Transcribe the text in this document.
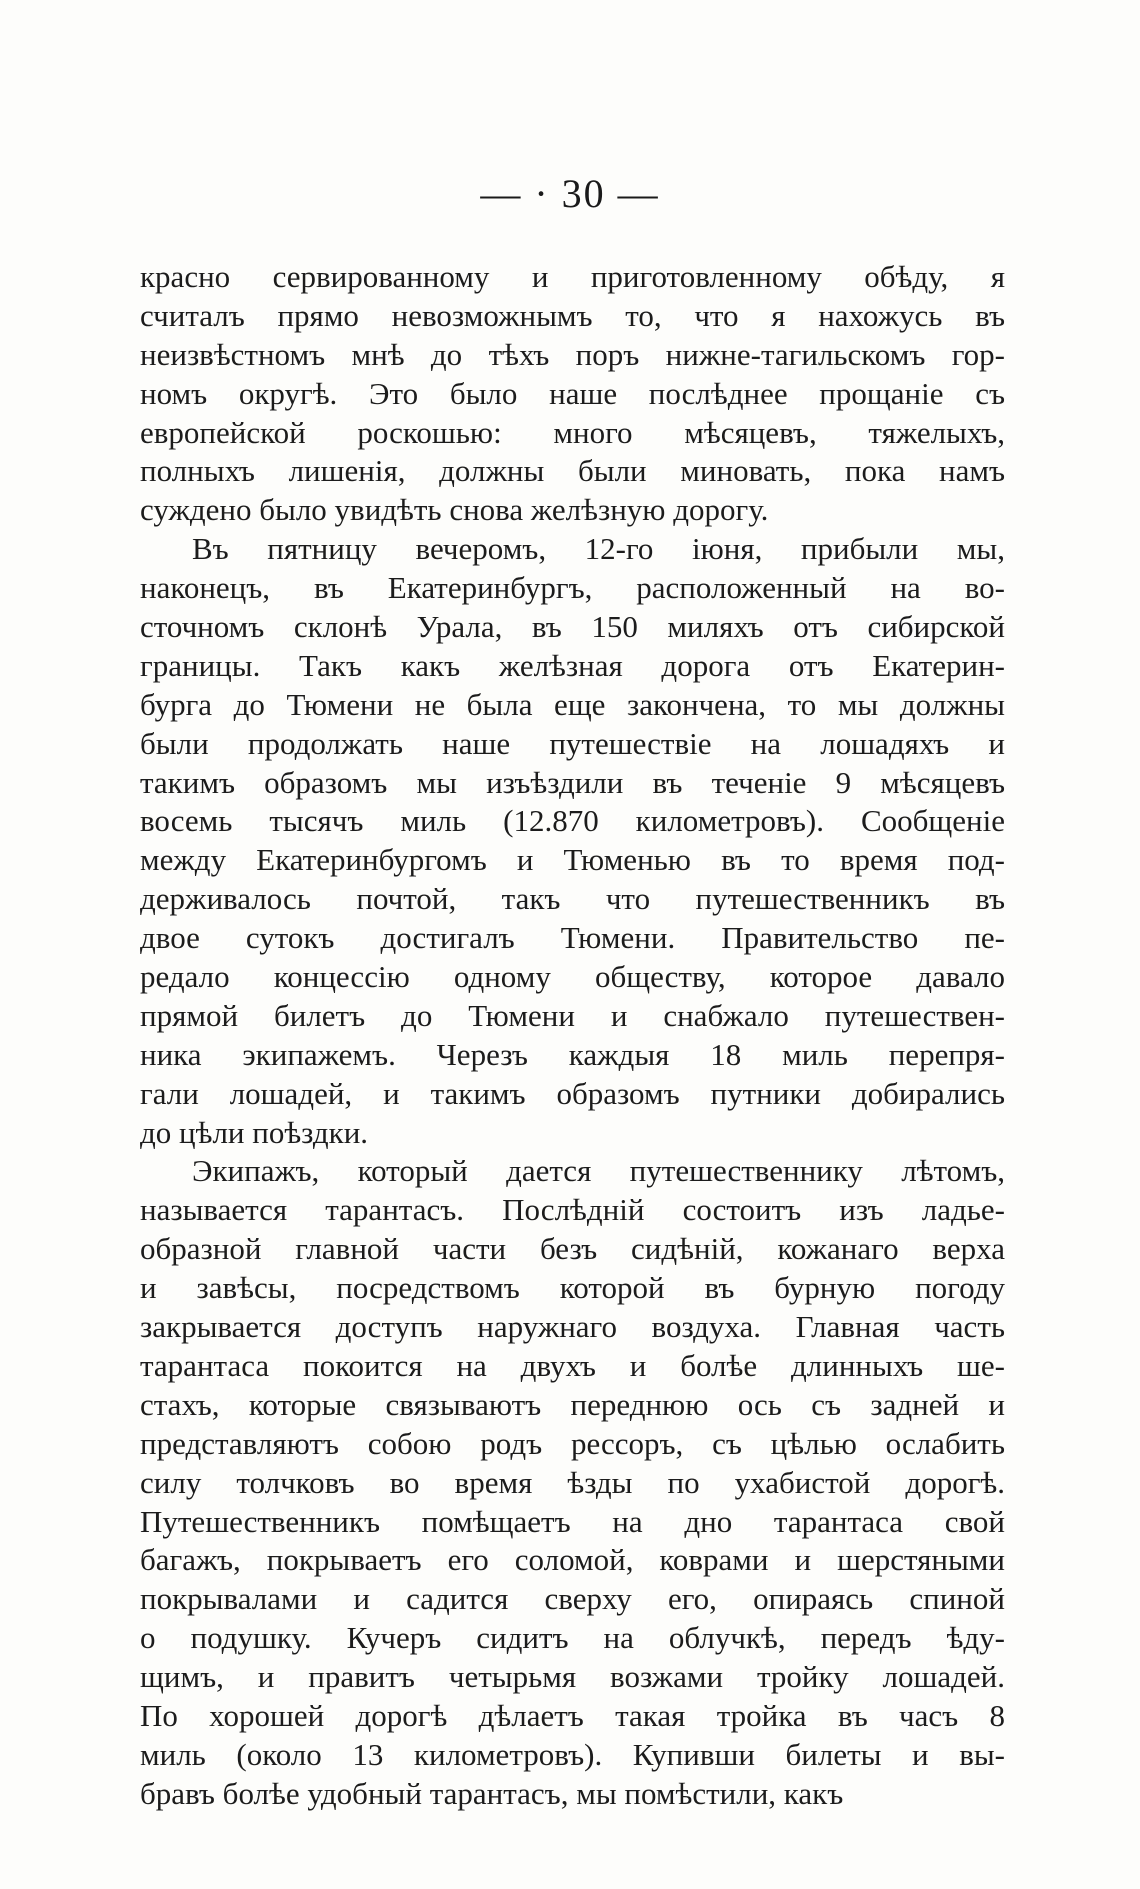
— · 30 —
красно сервированному и приготовленному обѣду, я
считалъ прямо невозможнымъ то, что я нахожусь въ
неизвѣстномъ мнѣ до тѣхъ поръ нижне-тагильскомъ гор-
номъ округѣ. Это было наше послѣднее прощаніе съ
европейской роскошью: много мѣсяцевъ, тяжелыхъ,
полныхъ лишенія, должны были миновать, пока намъ
суждено было увидѣть снова желѣзную дорогу.
Въ пятницу вечеромъ, 12-го іюня, прибыли мы,
наконецъ, въ Екатеринбургъ, расположенный на во-
сточномъ склонѣ Урала, въ 150 миляхъ отъ сибирской
границы. Такъ какъ желѣзная дорога отъ Екатерин-
бурга до Тюмени не была еще закончена, то мы должны
были продолжать наше путешествіе на лошадяхъ и
такимъ образомъ мы изъѣздили въ теченіе 9 мѣсяцевъ
восемь тысячъ миль (12.870 километровъ). Сообщеніе
между Екатеринбургомъ и Тюменью въ то время под-
держивалось почтой, такъ что путешественникъ въ
двое сутокъ достигалъ Тюмени. Правительство пе-
редало концессію одному обществу, которое давало
прямой билетъ до Тюмени и снабжало путешествен-
ника экипажемъ. Черезъ каждыя 18 миль перепря-
гали лошадей, и такимъ образомъ путники добирались
до цѣли поѣздки.
Экипажъ, который дается путешественнику лѣтомъ,
называется тарантасъ. Послѣдній состоитъ изъ ладье-
образной главной части безъ сидѣній, кожанаго верха
и завѣсы, посредствомъ которой въ бурную погоду
закрывается доступъ наружнаго воздуха. Главная часть
тарантаса покоится на двухъ и болѣе длинныхъ ше-
стахъ, которые связываютъ переднюю ось съ задней и
представляютъ собою родъ рессоръ, съ цѣлью ослабить
силу толчковъ во время ѣзды по ухабистой дорогѣ.
Путешественникъ помѣщаетъ на дно тарантаса свой
багажъ, покрываетъ его соломой, коврами и шерстяными
покрывалами и садится сверху его, опираясь спиной
о подушку. Кучеръ сидитъ на облучкѣ, передъ ѣду-
щимъ, и правитъ четырьмя возжами тройку лошадей.
По хорошей дорогѣ дѣлаетъ такая тройка въ часъ 8
миль (около 13 километровъ). Купивши билеты и вы-
бравъ болѣе удобный тарантасъ, мы помѣстили, какъ
